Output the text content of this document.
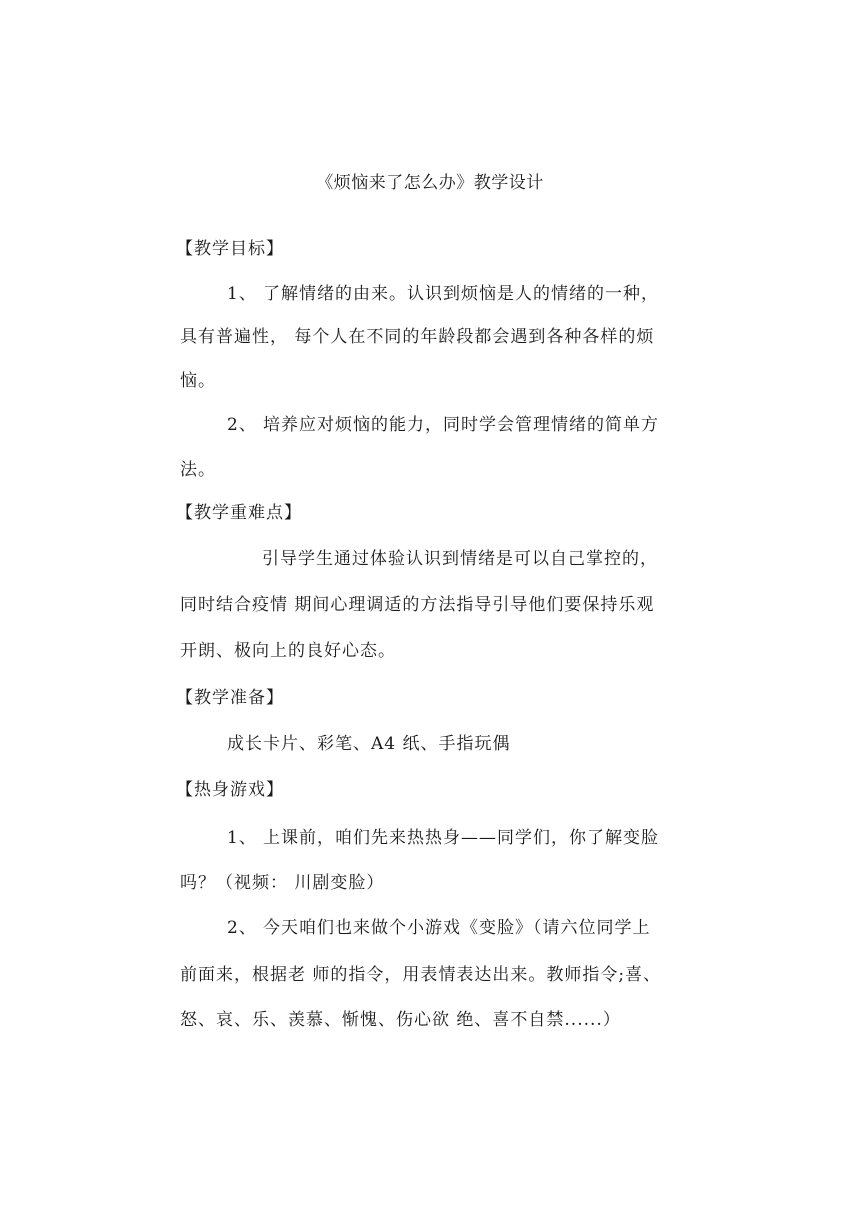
《烦恼来了怎么办》教学设计
【教学目标】
1、 了解情绪的由来。认识到烦恼是人的情绪的一种，
具有普遍性， 每个人在不同的年龄段都会遇到各种各样的烦
恼。
2、 培养应对烦恼的能力，同时学会管理情绪的简单方
法。
【教学重难点】
引导学生通过体验认识到情绪是可以自己掌控的，
同时结合疫情 期间心理调适的方法指导引导他们要保持乐观
开朗、极向上的良好心态。
【教学准备】
成长卡片、彩笔、A4 纸、手指玩偶
【热身游戏】
1、 上课前，咱们先来热热身——同学们，你了解变脸
吗？（视频： 川剧变脸）
2、 今天咱们也来做个小游戏《变脸》（请六位同学上
前面来，根据老 师的指令，用表情表达出来。教师指令;喜、
怒、哀、乐、羡慕、惭愧、伤心欲 绝、喜不自禁......）
